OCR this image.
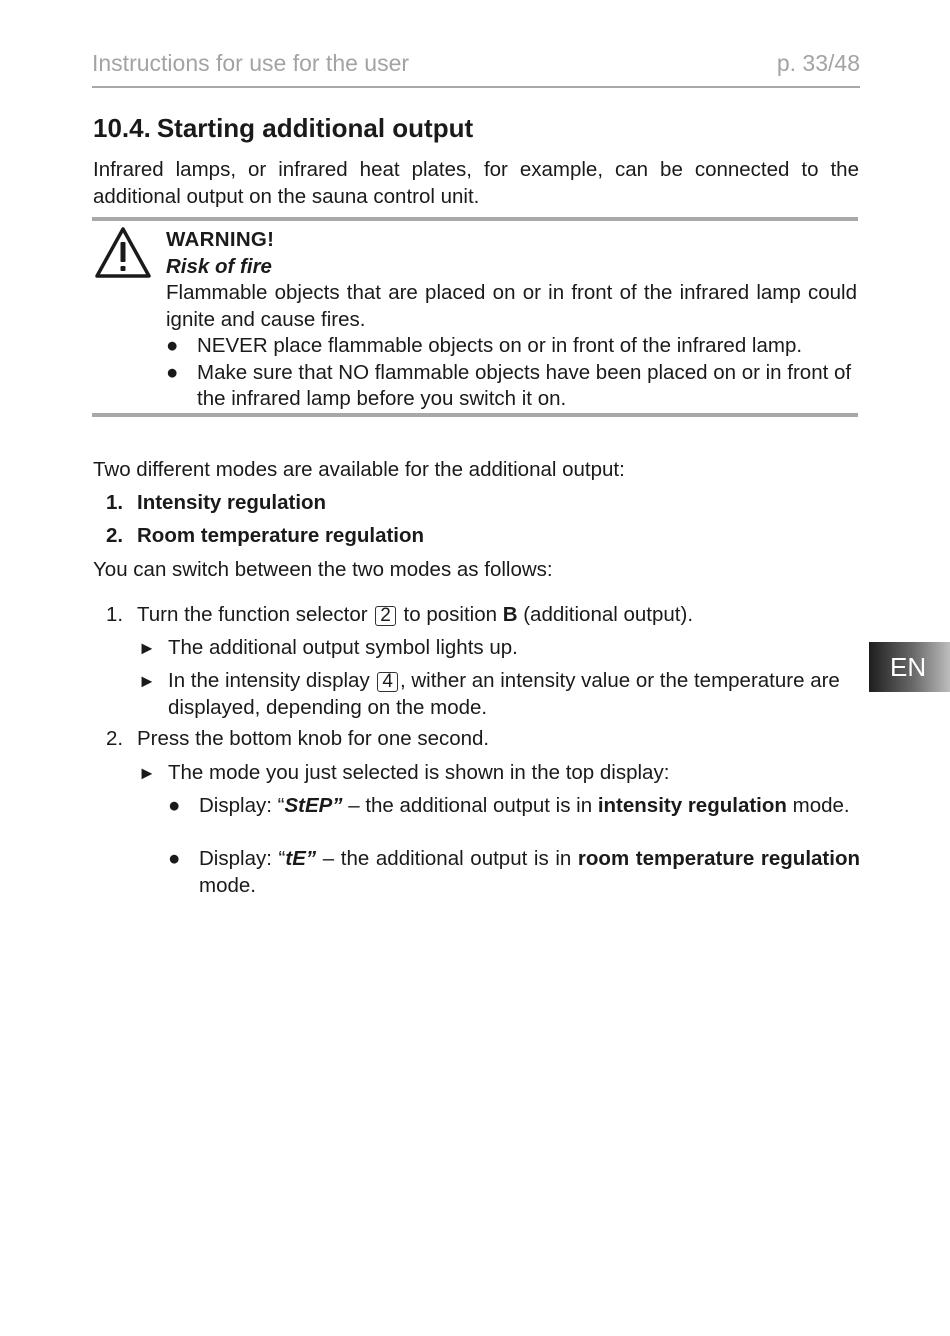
Instructions for use for the user	p. 33/48
10.4. Starting additional output
Infrared lamps, or infrared heat plates, for example, can be connected to the additional output on the sauna control unit.
WARNING!
Risk of fire
Flammable objects that are placed on or in front of the infrared lamp could ignite and cause fires.
● NEVER place flammable objects on or in front of the infrared lamp.
● Make sure that NO flammable objects have been placed on or in front of the infrared lamp before you switch it on.
Two different modes are available for the additional output:
1. Intensity regulation
2. Room temperature regulation
You can switch between the two modes as follows:
1. Turn the function selector 2 to position B (additional output).
► The additional output symbol lights up.
► In the intensity display 4 , wither an intensity value or the temperature are displayed, depending on the mode.
2. Press the bottom knob for one second.
► The mode you just selected is shown in the top display:
● Display: “StEP” – the additional output is in intensity regulation mode.
● Display: “tE” – the additional output is in room temperature regulation mode.
EN
